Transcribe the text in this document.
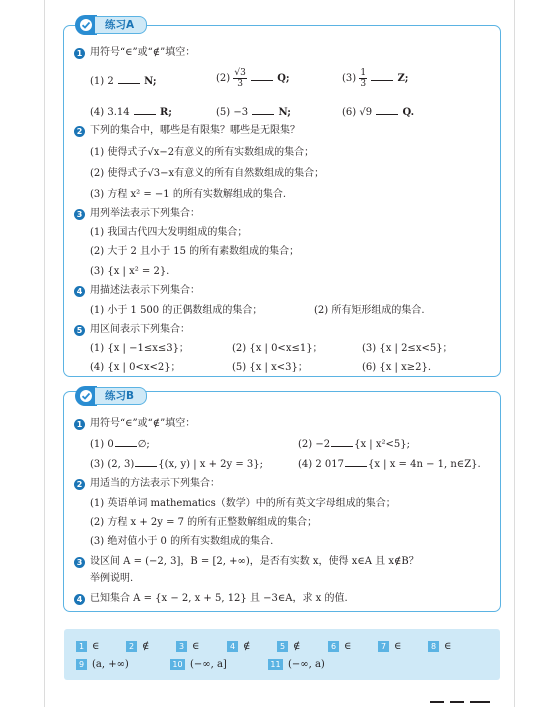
1 用符号“∈”或“∉”填空：
(1) 2	N;	$(2) \frac{√3}{3}$	Q;	$(3) \frac{1}{3}$	Z;
(4) 3.14	R;	(5) −3	N;	(6) √9	Q.
2 下列的集合中，哪些是有限集？哪些是无限集？
(1) 使得式子√x−2有意义的所有实数组成的集合；
(2) 使得式子√3−x有意义的所有自然数组成的集合；
(3) 方程 x² = −1 的所有实数解组成的集合.
3 用列举法表示下列集合：
(1) 我国古代四大发明组成的集合；
(2) 大于 2 且小于 15 的所有素数组成的集合；
(3) {x | x² = 2}.
4 用描述法表示下列集合：
(1) 小于 1 500 的正偶数组成的集合；	(2) 所有矩形组成的集合.
5 用区间表示下列集合：
(1) {x | −1≤x≤3}；	(2) {x | 0<x≤1}；	(3) {x | 2≤x<5}；
(4) {x | 0<x<2}；	(5) {x | x<3}；	(6) {x | x≥2}.
练习A
1 用符号“∈”或“∉”填空：
(1) 0 ∅;	(2) −2 {x | x²<5};
(3) (2, 3) {(x, y) | x + 2y = 3};	(4) 2 017 {x | x = 4n − 1, n∈Z}.
2 用适当的方法表示下列集合：
(1) 英语单词 mathematics（数学）中的所有英文字母组成的集合；
(2) 方程 x + 2y = 7 的所有正整数解组成的集合；
(3) 绝对值小于 0 的所有实数组成的集合.
3 设区间 A = (−2, 3]，B = [2, +∞)，是否有实数 x，使得 x∈A 且 x∉B？
举例说明.
4 已知集合 A = {x − 2, x + 5, 12} 且 −3∈A，求 x 的值.
练习B
1 ∈	2 ∉	3 ∈	4 ∉	5 ∉	6 ∈	7 ∈	8 ∈
9 (a, +∞)	10 (−∞, a]	11 (−∞, a)
